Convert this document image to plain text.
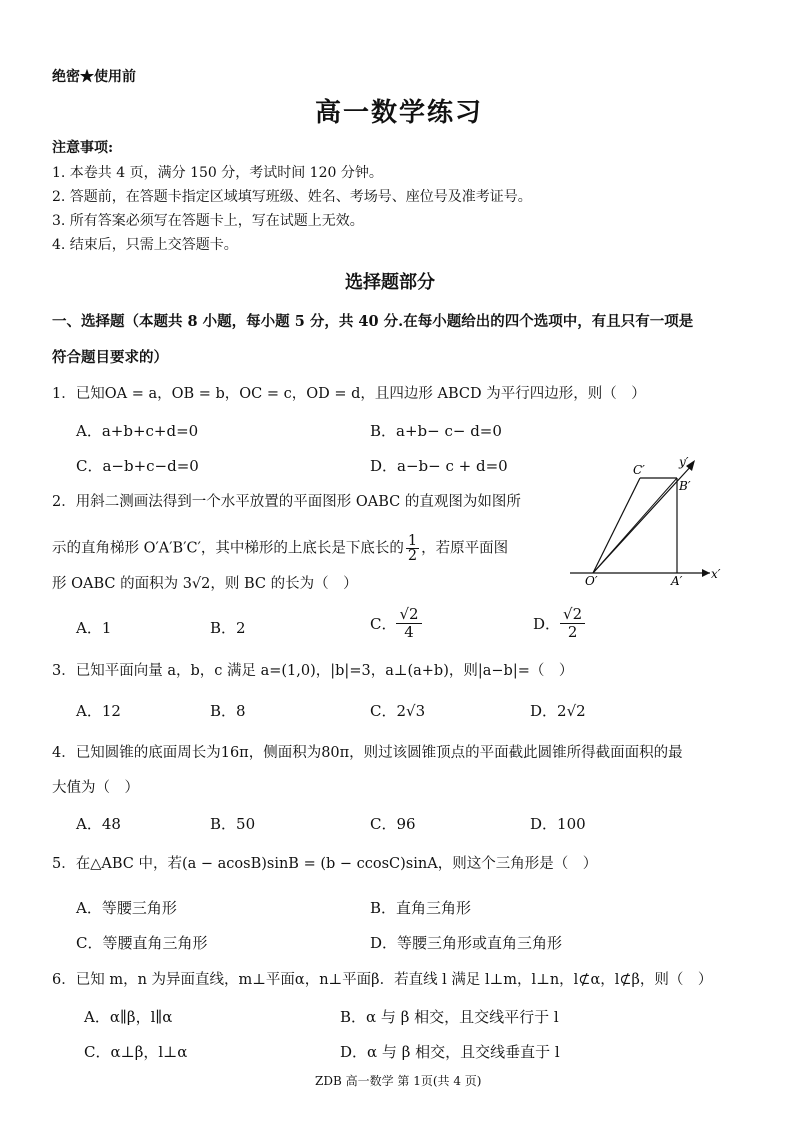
绝密★使用前
高一数学练习
注意事项:
1. 本卷共 4 页，满分 150 分，考试时间 120 分钟。
2. 答题前，在答题卡指定区域填写班级、姓名、考场号、座位号及准考证号。
3. 所有答案必须写在答题卡上，写在试题上无效。
4. 结束后，只需上交答题卡。
选择题部分
一、选择题（本题共 8 小题，每小题 5 分，共 40 分.在每小题给出的四个选项中，有且只有一项是
符合题目要求的）
1．已知OA = a，OB = b，OC = c，OD = d，且四边形 ABCD 为平行四边形，则（　）
A．a+b+c+d=0	B．a+b− c− d=0
C．a−b+c−d=0	D．a−b− c + d=0
2．用斜二测画法得到一个水平放置的平面图形 OABC 的直观图为如图所
示的直角梯形 O′A′B′C′，其中梯形的上底长是下底长的 $\frac{1}{2}$ ，若原平面图
形 OABC 的面积为 3√2，则 BC 的长为（　）
C′
B′
O′	A′ x′
y′
A．1	B．2	C． $\frac{√2}{4}$	D． $\frac{√2}{2}$
3．已知平面向量 a，b，c 满足 a=(1,0)，|b|=3，a⊥(a+b)，则|a−b|=（　）
A．12	B．8	C．2√3	D．2√2
4．已知圆锥的底面周长为16π，侧面积为80π，则过该圆锥顶点的平面截此圆锥所得截面面积的最
大值为（　）
A．48	B．50	C．96	D．100
5．在△ABC 中，若(a − acosB)sinB = (b − ccosC)sinA，则这个三角形是（　）
A．等腰三角形	B．直角三角形
C．等腰直角三角形	D．等腰三角形或直角三角形
6．已知 m，n 为异面直线，m⊥平面α，n⊥平面β．若直线 l 满足 l⊥m，l⊥n，l⊄α，l⊄β，则（　）
A．α∥β，l∥α	B．α 与 β 相交，且交线平行于 l
C．α⊥β，l⊥α	D．α 与 β 相交，且交线垂直于 l
ZDB 高一数学 第 1页(共 4 页)
